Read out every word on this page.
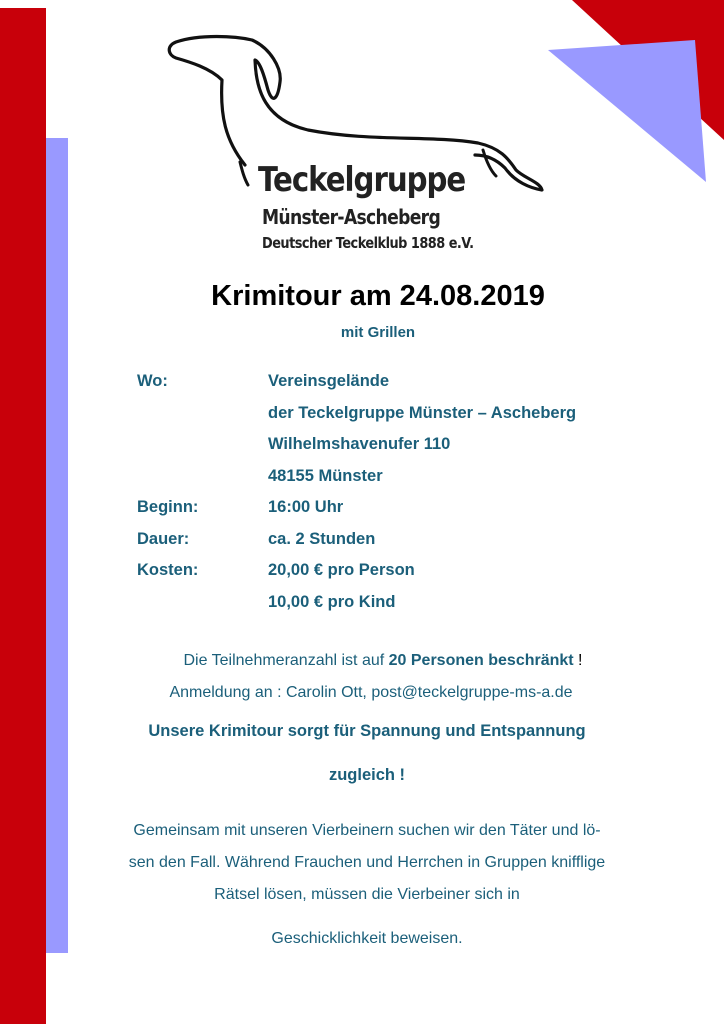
Teckelgruppe
Münster-Ascheberg
Deutscher Teckelklub 1888 e.V.
Krimitour am 24.08.2019
mit Grillen
Wo:	Vereinsgelände
der Teckelgruppe Münster – Ascheberg
Wilhelmshavenufer 110
48155 Münster
Beginn:	16:00 Uhr
Dauer:	ca. 2 Stunden
Kosten:	20,00 € pro Person
10,00 € pro Kind
Die Teilnehmeranzahl ist auf 20 Personen beschränkt !
Anmeldung an : Carolin Ott, post@teckelgruppe-ms-a.de
Unsere Krimitour sorgt für Spannung und Entspannung
zugleich !
Gemeinsam mit unseren Vierbeinern suchen wir den Täter und lö-
sen den Fall. Während Frauchen und Herrchen in Gruppen knifflige
Rätsel lösen, müssen die Vierbeiner sich in
Geschicklichkeit beweisen.
